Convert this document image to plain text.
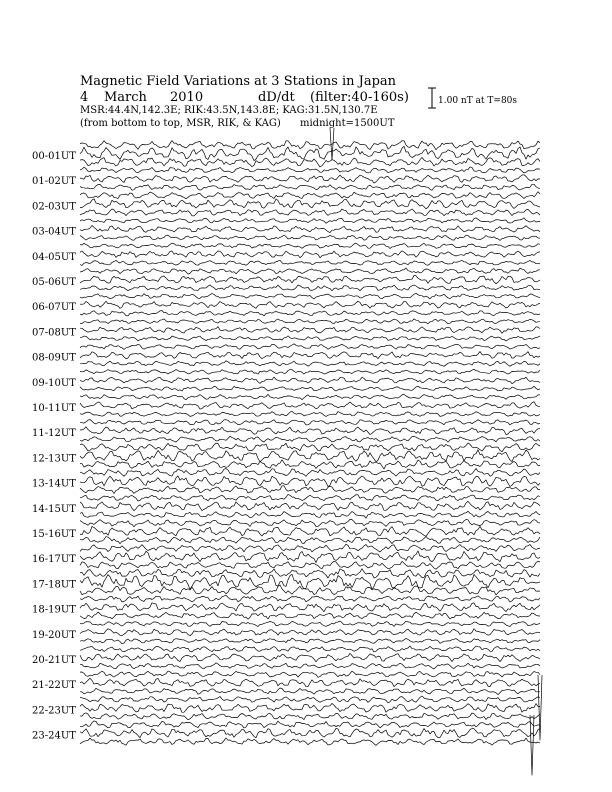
Magnetic Field Variations at 3 Stations in Japan
4 March 2010	dD/dt (filter:40-160s)
MSR:44.4N,142.3E; RIK:43.5N,143.8E; KAG:31.5N,130.7E
(from bottom to top, MSR, RIK, & KAG) midnight=1500UT
1.00 nT at T=80s
00-01UT
01-02UT
02-03UT
03-04UT
04-05UT
05-06UT
06-07UT
07-08UT
08-09UT
09-10UT
10-11UT
11-12UT
12-13UT
13-14UT
14-15UT
15-16UT
16-17UT
17-18UT
18-19UT
19-20UT
20-21UT
21-22UT
22-23UT
23-24UT
